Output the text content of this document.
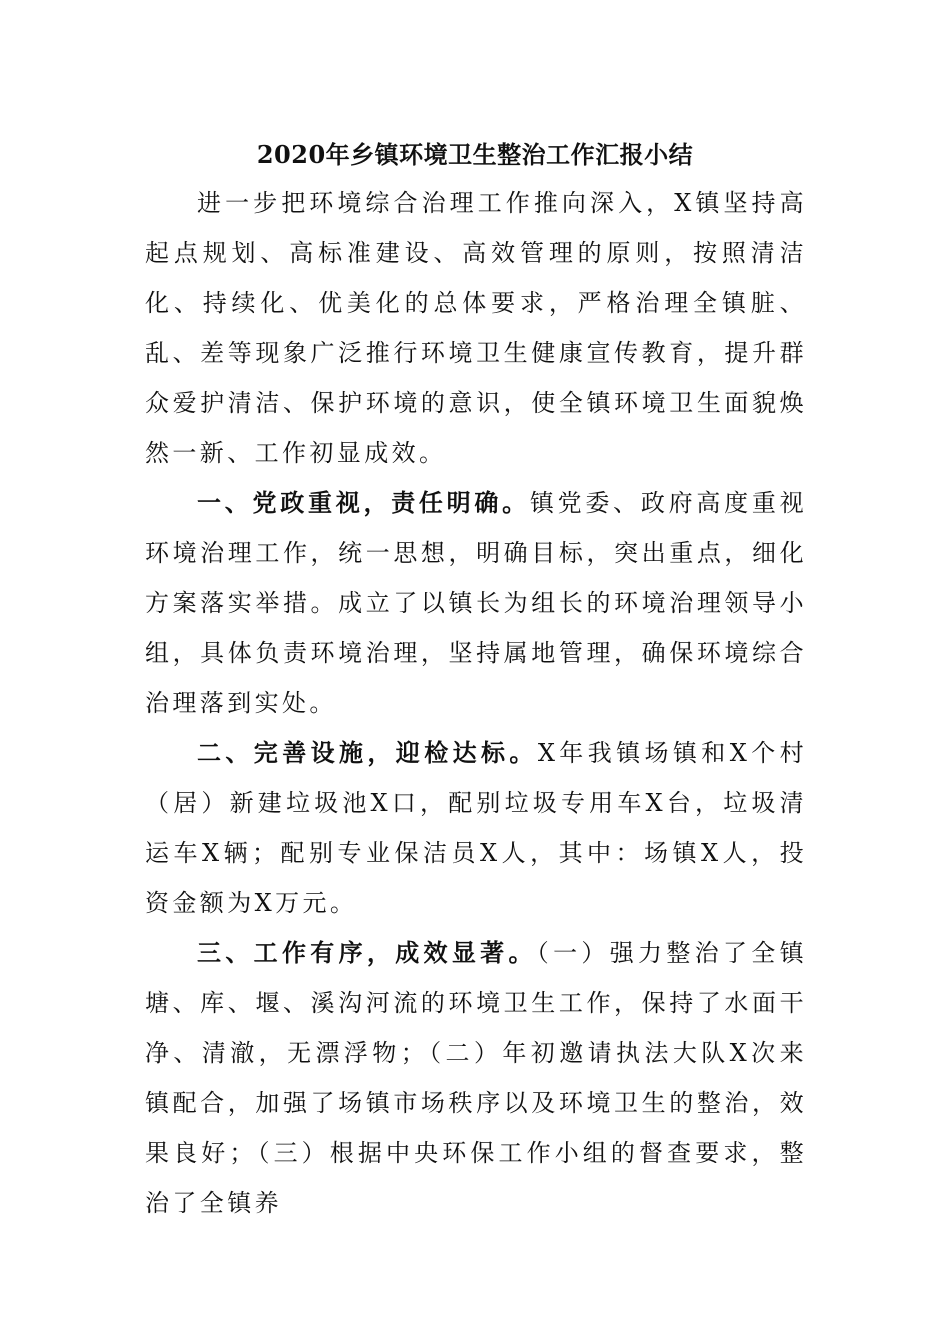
2020年乡镇环境卫生整治工作汇报小结

进一步把环境综合治理工作推向深入，X镇坚持高起点规划、高标准建设、高效管理的原则，按照清洁化、持续化、优美化的总体要求，严格治理全镇脏、乱、差等现象广泛推行环境卫生健康宣传教育，提升群众爱护清洁、保护环境的意识，使全镇环境卫生面貌焕然一新、工作初显成效。

一、党政重视，责任明确。镇党委、政府高度重视环境治理工作，统一思想，明确目标，突出重点，细化方案落实举措。成立了以镇长为组长的环境治理领导小组，具体负责环境治理，坚持属地管理，确保环境综合治理落到实处。

二、完善设施，迎检达标。X年我镇场镇和X个村（居）新建垃圾池X口，配别垃圾专用车X台，垃圾清运车X辆；配别专业保洁员X人，其中：场镇X人，投资金额为X万元。

三、工作有序，成效显著。（一）强力整治了全镇塘、库、堰、溪沟河流的环境卫生工作，保持了水面干净、清澈，无漂浮物；（二）年初邀请执法大队X次来镇配合，加强了场镇市场秩序以及环境卫生的整治，效果良好；（三）根据中央环保工作小组的督查要求，整治了全镇养
